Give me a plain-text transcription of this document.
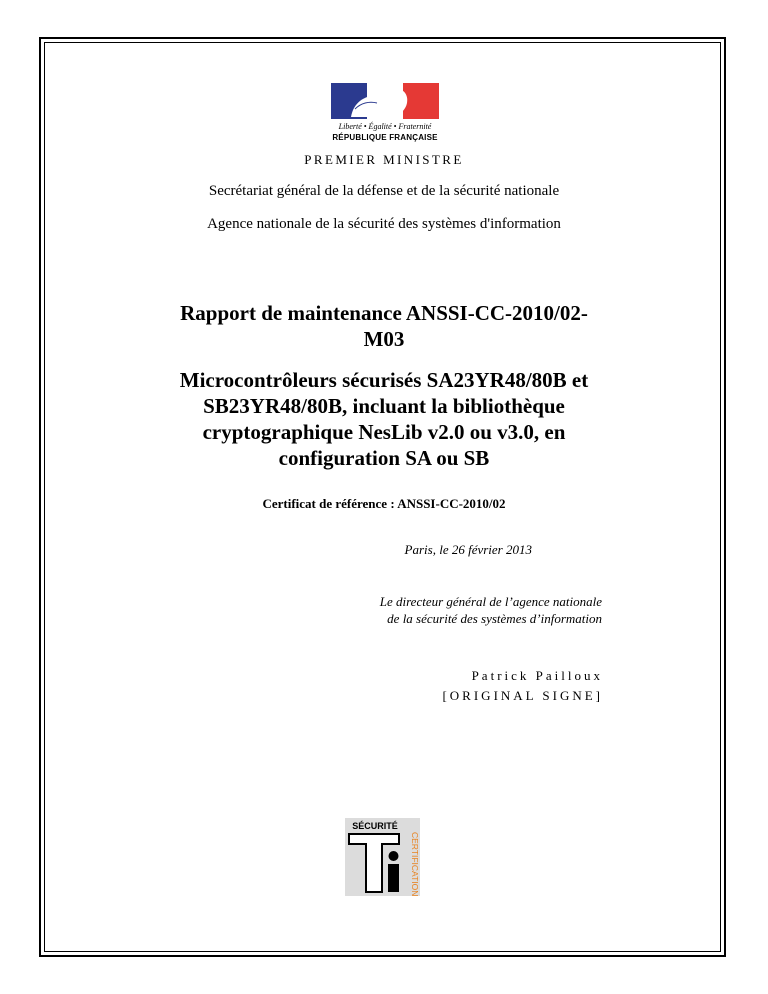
Liberté • Égalité • Fraternité
RÉPUBLIQUE FRANÇAISE
PREMIER MINISTRE
Secrétariat général de la défense et de la sécurité nationale
Agence nationale de la sécurité des systèmes d'information
Rapport de maintenance ANSSI-CC-2010/02-
M03
Microcontrôleurs sécurisés SA23YR48/80B et
SB23YR48/80B, incluant la bibliothèque
cryptographique NesLib v2.0 ou v3.0, en
configuration SA ou SB
Certificat de référence : ANSSI-CC-2010/02
Paris, le 26 février 2013
Le directeur général de l’agence nationale
de la sécurité des systèmes d’information
Patrick Pailloux
[ORIGINAL SIGNE]
SÉCURITÉ
CERTIFICATION
